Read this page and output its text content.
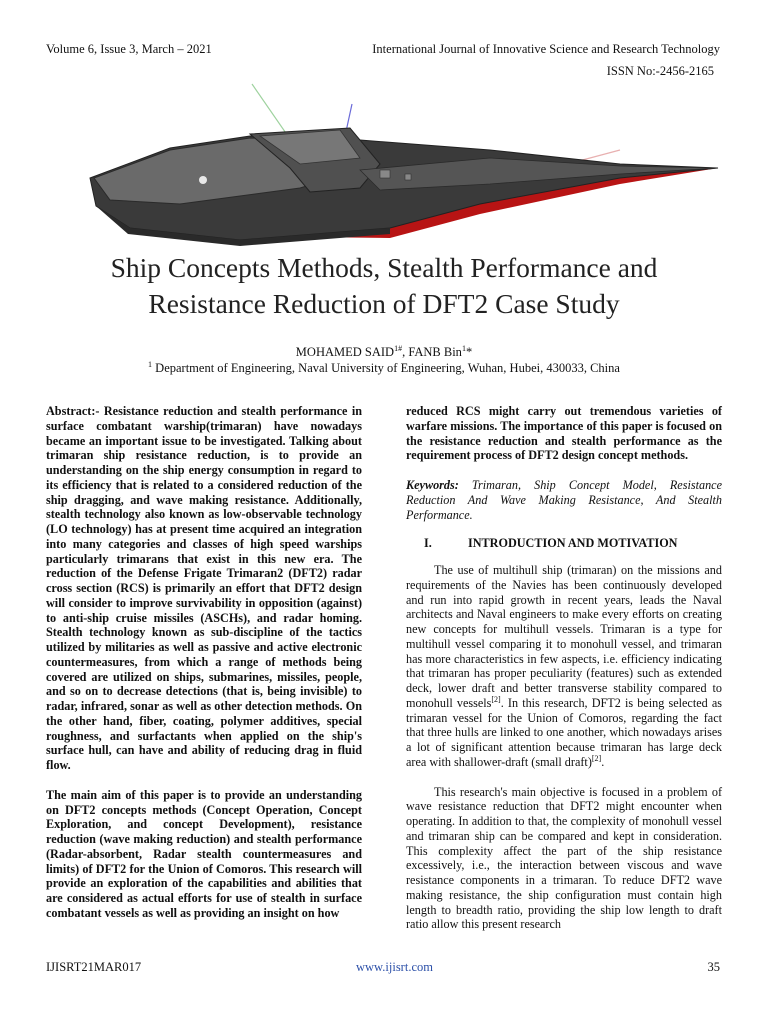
Volume 6, Issue 3, March – 2021	International Journal of Innovative Science and Research Technology
ISSN No:-2456-2165
Ship Concepts Methods, Stealth Performance and
Resistance Reduction of DFT2 Case Study
MOHAMED $SAID^{1\#}$, FANB Bin$^1$*
$^1$ Department of Engineering, Naval University of Engineering, Wuhan, Hubei, 430033, China

Abstract:- Resistance reduction and stealth performance in surface combatant warship(trimaran) have nowadays became an important issue to be investigated. Talking about trimaran ship resistance reduction, is to provide an understanding on the ship energy consumption in regard to its efficiency that is related to a considered reduction of the ship dragging, and wave making resistance. Additionally, stealth technology also known as low-observable technology (LO technology) has at present time acquired an integration into many categories and classes of high speed warships particularly trimarans that exist in this new era. The reduction of the Defense Frigate Trimaran2 (DFT2) radar cross section (RCS) is primarily an effort that DFT2 design will consider to improve survivability in opposition (against) to anti-ship cruise missiles (ASCHs), and radar homing. Stealth technology known as sub-discipline of the tactics utilized by militaries as well as passive and active electronic countermeasures, from which a range of methods being covered are utilized on ships, submarines, missiles, people, and so on to decrease detections (that is, being invisible) to radar, infrared, sonar as well as other detection methods. On the other hand, fiber, coating, polymer additives, special roughness, and surfactants when applied on the ship's surface hull, can have and ability of reducing drag in fluid flow.

The main aim of this paper is to provide an understanding on DFT2 concepts methods (Concept Operation, Concept Exploration, and concept Development), resistance reduction (wave making reduction) and stealth performance (Radar-absorbent, Radar stealth countermeasures and limits) of DFT2 for the Union of Comoros. This research will provide an exploration of the capabilities and abilities that are considered as actual efforts for use of stealth in surface combatant vessels as well as providing an insight on how

reduced RCS might carry out tremendous varieties of warfare missions. The importance of this paper is focused on the resistance reduction and stealth performance as the requirement process of DFT2 design concept methods.

Keywords: Trimaran, Ship Concept Model, Resistance Reduction And Wave Making Resistance, And Stealth Performance.

I.	INTRODUCTION AND MOTIVATION

The use of multihull ship (trimaran) on the missions and requirements of the Navies has been continuously developed and run into rapid growth in recent years, leads the Naval architects and Naval engineers to make every efforts on creating new concepts for multihull vessels. Trimaran is a type for multihull vessel comparing it to monohull vessel, and trimaran has more characteristics in few aspects, i.e. efficiency indicating that trimaran has proper peculiarity (features) such as extended deck, lower draft and better transverse stability compared to monohull vessels[2]. In this research, DFT2 is being selected as trimaran vessel for the Union of Comoros, regarding the fact that three hulls are linked to one another, which nowadays arises a lot of significant attention because trimaran has large deck area with shallower-draft (small draft)[2].

This research's main objective is focused in a problem of wave resistance reduction that DFT2 might encounter when operating. In addition to that, the complexity of monohull vessel and trimaran ship can be compared and kept in consideration. This complexity affect the part of the ship resistance excessively, i.e., the interaction between viscous and wave resistance components in a trimaran. To reduce DFT2 wave making resistance, the ship configuration must contain high length to breadth ratio, providing the ship low length to draft ratio allow this present research

IJISRT21MAR017	www.ijisrt.com	35
